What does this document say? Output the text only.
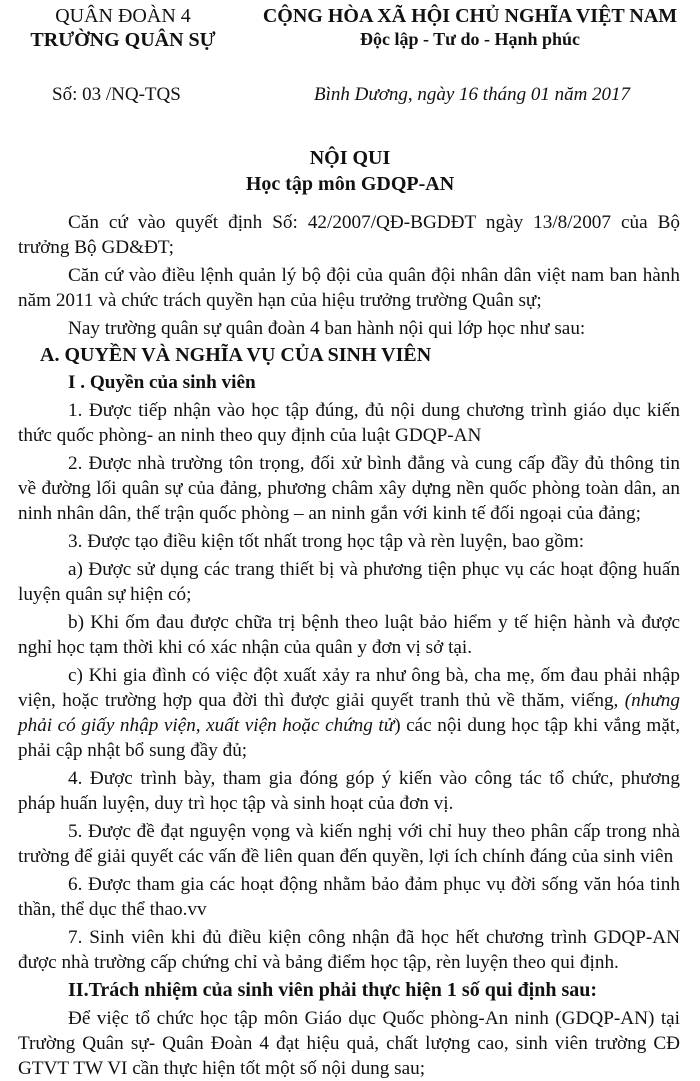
QUÂN ĐOÀN 4
TRƯỜNG QUÂN SỰ
CỘNG HÒA XÃ HỘI CHỦ NGHĨA VIỆT NAM
Độc lập - Tư do - Hạnh phúc
Số: 03 /NQ-TQS	Bình Dương, ngày 16 tháng 01 năm 2017
NỘI QUI
Học tập môn GDQP-AN

Căn cứ vào quyết định Số: 42/2007/QĐ-BGDĐT ngày 13/8/2007 của Bộ trưởng Bộ GD&ĐT;

Căn cứ vào điều lệnh quản lý bộ đội của quân đội nhân dân việt nam ban hành năm 2011 và chức trách quyền hạn của hiệu trưởng trường Quân sự;

Nay trường quân sự quân đoàn 4 ban hành nội qui lớp học như sau:

A. QUYỀN VÀ NGHĨA VỤ CỦA SINH VIÊN

I . Quyền của sinh viên

1. Được tiếp nhận vào học tập đúng, đủ nội dung chương trình giáo dục kiến thức quốc phòng- an ninh theo quy định của luật GDQP-AN

2. Được nhà trường tôn trọng, đối xử bình đẳng và cung cấp đầy đủ thông tin về đường lối quân sự của đảng, phương châm xây dựng nền quốc phòng toàn dân, an ninh nhân dân, thế trận quốc phòng – an ninh gắn với kinh tế đối ngoại của đảng;

3. Được tạo điều kiện tốt nhất trong học tập và rèn luyện, bao gồm:

a) Được sử dụng các trang thiết bị và phương tiện phục vụ các hoạt động huấn luyện quân sự hiện có;

b) Khi ốm đau được chữa trị bệnh theo luật bảo hiểm y tế hiện hành và được nghỉ học tạm thời khi có xác nhận của quân y đơn vị sở tại.

c) Khi gia đình có việc đột xuất xảy ra như ông bà, cha mẹ, ốm đau phải nhập viện, hoặc trường hợp qua đời thì được giải quyết tranh thủ về thăm, viếng, (nhưng phải có giấy nhập viện, xuất viện hoặc chứng tử) các nội dung học tập khi vắng mặt, phải cập nhật bổ sung đầy đủ;

4. Được trình bày, tham gia đóng góp ý kiến vào công tác tổ chức, phương pháp huấn luyện, duy trì học tập và sinh hoạt của đơn vị.

5. Được đề đạt nguyện vọng và kiến nghị với chỉ huy theo phân cấp trong nhà trường để giải quyết các vấn đề liên quan đến quyền, lợi ích chính đáng của sinh viên

6. Được tham gia các hoạt động nhằm bảo đảm phục vụ đời sống văn hóa tinh thần, thể dục thể thao.vv

7. Sinh viên khi đủ điều kiện công nhận đã học hết chương trình GDQP-AN được nhà trường cấp chứng chỉ và bảng điểm học tập, rèn luyện theo qui định.

II.Trách nhiệm của sinh viên phải thực hiện 1 số qui định sau:

Để việc tổ chức học tập môn Giáo dục Quốc phòng-An ninh (GDQP-AN) tại Trường Quân sự- Quân Đoàn 4 đạt hiệu quả, chất lượng cao, sinh viên trường CĐ GTVT TW VI cần thực hiện tốt một số nội dung sau;
